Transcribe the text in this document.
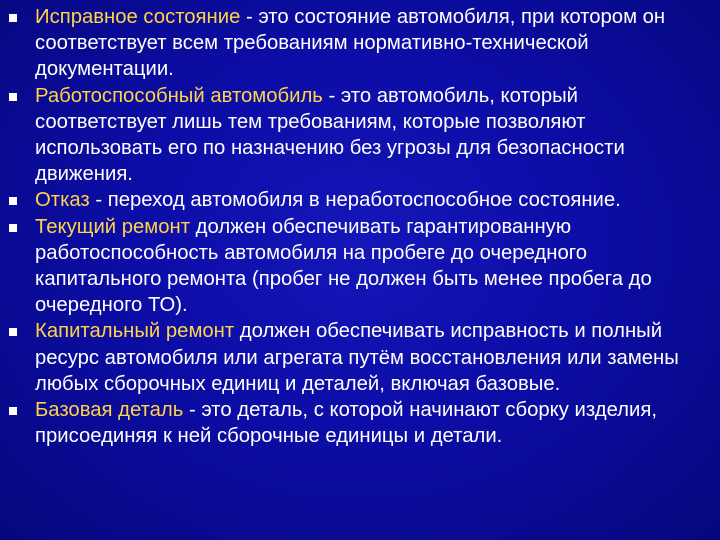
Исправное состояние - это состояние автомобиля, при котором он соответствует всем требованиям нормативно-технической документации.
Работоспособный автомобиль - это автомобиль, который соответствует лишь тем требованиям, которые позволяют использовать его по назначению без угрозы для безопасности движения.
Отказ - переход автомобиля в неработоспособное состояние.
Текущий ремонт должен обеспечивать гарантированную работоспособность автомобиля на пробеге до очередного капитального ремонта (пробег не должен быть менее пробега до очередного ТО).
Капитальный ремонт должен обеспечивать исправность и полный ресурс автомобиля или агрегата путём восстановления или замены любых сборочных единиц и деталей, включая базовые.
Базовая деталь - это деталь, с которой начинают сборку изделия, присоединяя к ней сборочные единицы и детали.
